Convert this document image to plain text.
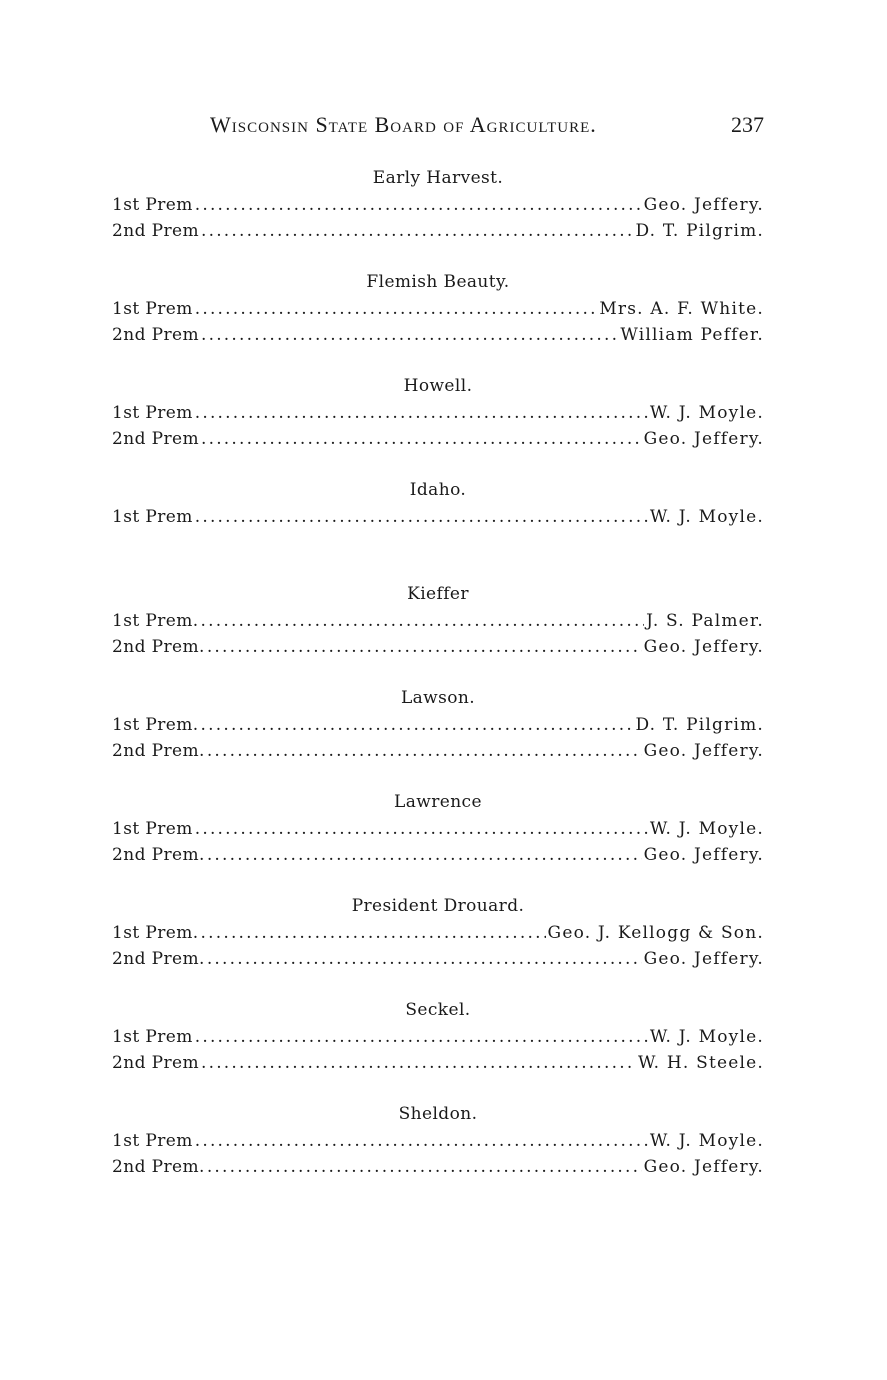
Wisconsin State Board of Agriculture.	237
Early Harvest.
1st Prem .....	Geo. Jeffery.
2nd Prem .....	D. T. Pilgrim.
Flemish Beauty.
1st Prem .....	Mrs. A. F. White.
2nd Prem .....	William Peffer.
Howell.
1st Prem .....	W. J. Moyle.
2nd Prem .....	Geo. Jeffery.
Idaho.
1st Prem .....	W. J. Moyle.
Kieffer
1st Prem. .....	J. S. Palmer.
2nd Prem. .....	Geo. Jeffery.
Lawson.
1st Prem. .....	D. T. Pilgrim.
2nd Prem. .....	Geo. Jeffery.
Lawrence
1st Prem .....	W. J. Moyle.
2nd Prem. .....	Geo. Jeffery.
President Drouard.
1st Prem. .....	Geo. J. Kellogg & Son.
2nd Prem. .....	Geo. Jeffery.
Seckel.
1st Prem .....	W. J. Moyle.
2nd Prem .....	W. H. Steele.
Sheldon.
1st Prem .....	W. J. Moyle.
2nd Prem. .....	Geo. Jeffery.
